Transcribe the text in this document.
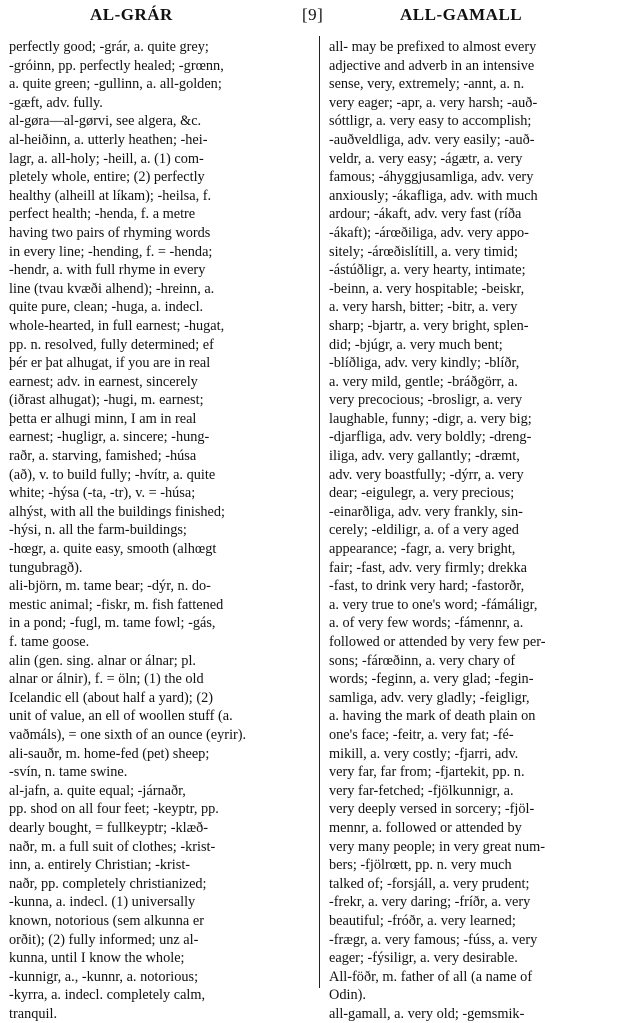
AL-GRÁR	[9]	ALL-GAMALL
perfectly good; -grár, a. quite grey;
-gróinn, pp. perfectly healed; -grœnn,
a. quite green; -gullinn, a. all-golden;
-gæft, adv. fully.
al-gøra—al-gørvi, see algera, &c.
al-heiðinn, a. utterly heathen; -hei-
lagr, a. all-holy; -heill, a. (1) com-
pletely whole, entire; (2) perfectly
healthy (alheill at líkam); -heilsa, f.
perfect health; -henda, f. a metre
having two pairs of rhyming words
in every line; -hending, f. = -henda;
-hendr, a. with full rhyme in every
line (tvau kvæði alhend); -hreinn, a.
quite pure, clean; -huga, a. indecl.
whole-hearted, in full earnest; -hugat,
pp. n. resolved, fully determined; ef
þér er þat alhugat, if you are in real
earnest; adv. in earnest, sincerely
(iðrast alhugat); -hugi, m. earnest;
þetta er alhugi minn, I am in real
earnest; -hugligr, a. sincere; -hung-
raðr, a. starving, famished; -húsa
(að), v. to build fully; -hvítr, a. quite
white; -hýsa (-ta, -tr), v. = -húsa;
alhýst, with all the buildings finished;
-hýsi, n. all the farm-buildings;
-hœgr, a. quite easy, smooth (alhœgt
tungubragð).
ali-björn, m. tame bear; -dýr, n. do-
mestic animal; -fiskr, m. fish fattened
in a pond; -fugl, m. tame fowl; -gás,
f. tame goose.
alin (gen. sing. alnar or álnar; pl.
alnar or álnir), f. = öln; (1) the old
Icelandic ell (about half a yard); (2)
unit of value, an ell of woollen stuff (a.
vaðmáls), = one sixth of an ounce (eyrir).
ali-sauðr, m. home-fed (pet) sheep;
-svín, n. tame swine.
al-jafn, a. quite equal; -járnaðr,
pp. shod on all four feet; -keyptr, pp.
dearly bought, = fullkeyptr; -klæð-
naðr, m. a full suit of clothes; -krist-
inn, a. entirely Christian; -krist-
naðr, pp. completely christianized;
-kunna, a. indecl. (1) universally
known, notorious (sem alkunna er
orðit); (2) fully informed; unz al-
kunna, until I know the whole;
-kunnigr, a., -kunnr, a. notorious;
-kyrra, a. indecl. completely calm,
tranquil.
all- may be prefixed to almost every
adjective and adverb in an intensive
sense, very, extremely; -annt, a. n.
very eager; -apr, a. very harsh; -auð-
sóttligr, a. very easy to accomplish;
-auðveldliga, adv. very easily; -auð-
veldr, a. very easy; -ágætr, a. very
famous; -áhyggjusamliga, adv. very
anxiously; -ákafliga, adv. with much
ardour; -ákaft, adv. very fast (ríða
-ákaft); -árœðiliga, adv. very appo-
sitely; -árœðislítill, a. very timid;
-ástúðligr, a. very hearty, intimate;
-beinn, a. very hospitable; -beiskr,
a. very harsh, bitter; -bitr, a. very
sharp; -bjartr, a. very bright, splen-
did; -bjúgr, a. very much bent;
-blíðliga, adv. very kindly; -blíðr,
a. very mild, gentle; -bráðgörr, a.
very precocious; -brosligr, a. very
laughable, funny; -digr, a. very big;
-djarfliga, adv. very boldly; -dreng-
iliga, adv. very gallantly; -dræmt,
adv. very boastfully; -dýrr, a. very
dear; -eigulegr, a. very precious;
-einarðliga, adv. very frankly, sin-
cerely; -eldiligr, a. of a very aged
appearance; -fagr, a. very bright,
fair; -fast, adv. very firmly; drekka
-fast, to drink very hard; -fastorðr,
a. very true to one's word; -fámáligr,
a. of very few words; -fámennr, a.
followed or attended by very few per-
sons; -fárœðinn, a. very chary of
words; -feginn, a. very glad; -fegin-
samliga, adv. very gladly; -feigligr,
a. having the mark of death plain on
one's face; -feitr, a. very fat; -fé-
mikill, a. very costly; -fjarri, adv.
very far, far from; -fjartekit, pp. n.
very far-fetched; -fjölkunnigr, a.
very deeply versed in sorcery; -fjöl-
mennr, a. followed or attended by
very many people; in very great num-
bers; -fjölrœtt, pp. n. very much
talked of; -forsjáll, a. very prudent;
-frekr, a. very daring; -fríðr, a. very
beautiful; -fróðr, a. very learned;
-frægr, a. very famous; -fúss, a. very
eager; -fýsiligr, a. very desirable.
All-föðr, m. father of all (a name of
Odin).
all-gamall, a. very old; -gemsmik-
